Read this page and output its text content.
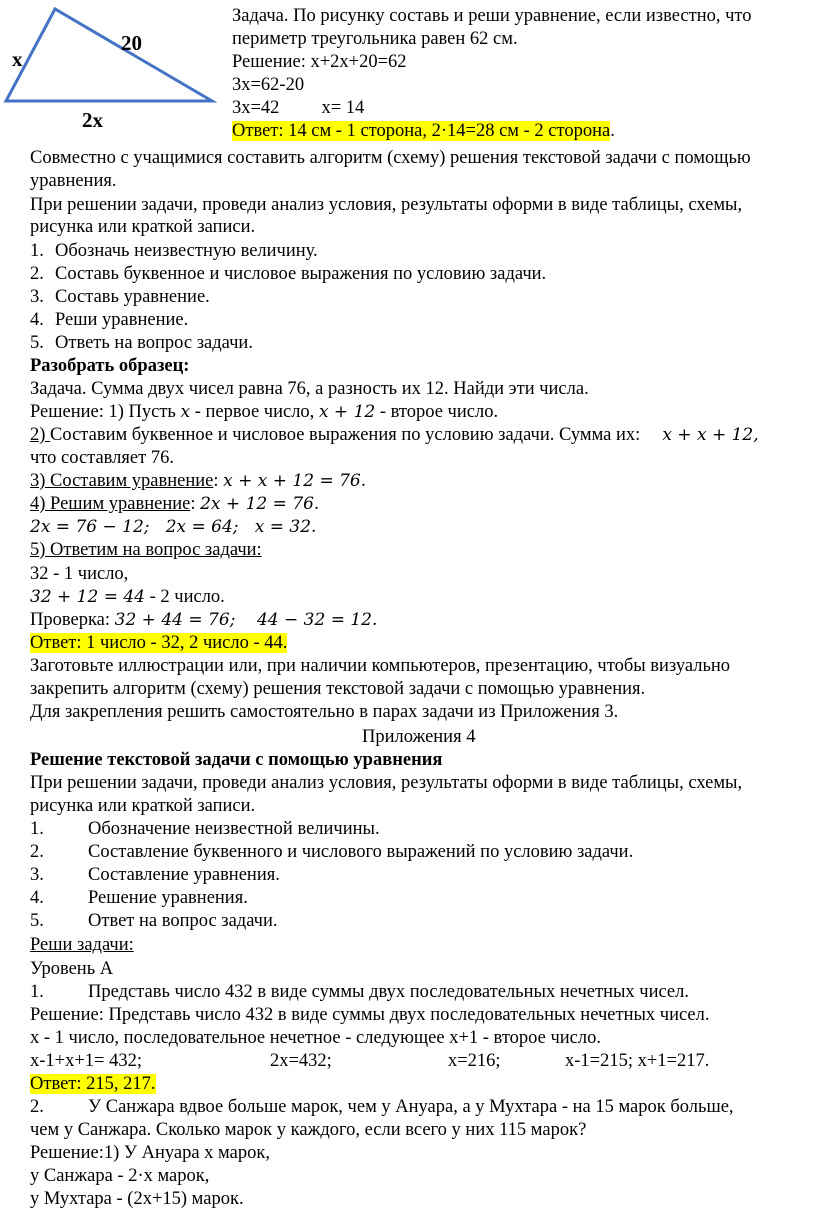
x
20
2x
Задача. По рисунку составь и реши уравнение, если известно, что
периметр треугольника равен 62 см.
Решение: x+2x+20=62
3x=62-20
3x=42 x= 14
Ответ: 14 см - 1 сторона, 2·14=28 см - 2 сторона.
Совместно с учащимися составить алгоритм (схему) решения текстовой задачи с помощью
уравнения.
При решении задачи, проведи анализ условия, результаты оформи в виде таблицы, схемы,
рисунка или краткой записи.
1. Обозначь неизвестную величину.
2. Составь буквенное и числовое выражения по условию задачи.
3. Составь уравнение.
4. Реши уравнение.
5. Ответь на вопрос задачи.
Разобрать образец:
Задача. Сумма двух чисел равна 76, а разность их 12. Найди эти числа.
Решение: 1) Пусть x - первое число, x + 12 - второе число.
2) Составим буквенное и числовое выражения по условию задачи. Сумма их: x + x + 12,
что составляет 76.
3) Составим уравнение: x + x + 12 = 76.
4) Решим уравнение: 2x + 12 = 76.
2x = 76 − 12;   2x = 64;   x = 32.
5) Ответим на вопрос задачи:
32 - 1 число,
32 + 12 = 44 - 2 число.
Проверка: 32 + 44 = 76;    44 − 32 = 12.
Ответ: 1 число - 32, 2 число - 44.
Заготовьте иллюстрации или, при наличии компьютеров, презентацию, чтобы визуально
закрепить алгоритм (схему) решения текстовой задачи с помощью уравнения.
Для закрепления решить самостоятельно в парах задачи из Приложения 3.
Приложения 4
Решение текстовой задачи с помощью уравнения
При решении задачи, проведи анализ условия, результаты оформи в виде таблицы, схемы,
рисунка или краткой записи.
1. Обозначение неизвестной величины.
2. Составление буквенного и числового выражений по условию задачи.
3. Составление уравнения.
4. Решение уравнения.
5. Ответ на вопрос задачи.
Реши задачи:
Уровень А
1. Представь число 432 в виде суммы двух последовательных нечетных чисел.
Решение: Представь число 432 в виде суммы двух последовательных нечетных чисел.
x - 1 число, последовательное нечетное - следующее x+1 - второе число.
x-1+x+1= 432;	2x=432;	x=216;	x-1=215; x+1=217.
Ответ: 215, 217.
2. У Санжара вдвое больше марок, чем у Ануара, а у Мухтара - на 15 марок больше,
чем у Санжара. Сколько марок у каждого, если всего у них 115 марок?
Решение:1) У Ануара x марок,
у Санжара - 2·x марок,
у Мухтара - (2x+15) марок.
